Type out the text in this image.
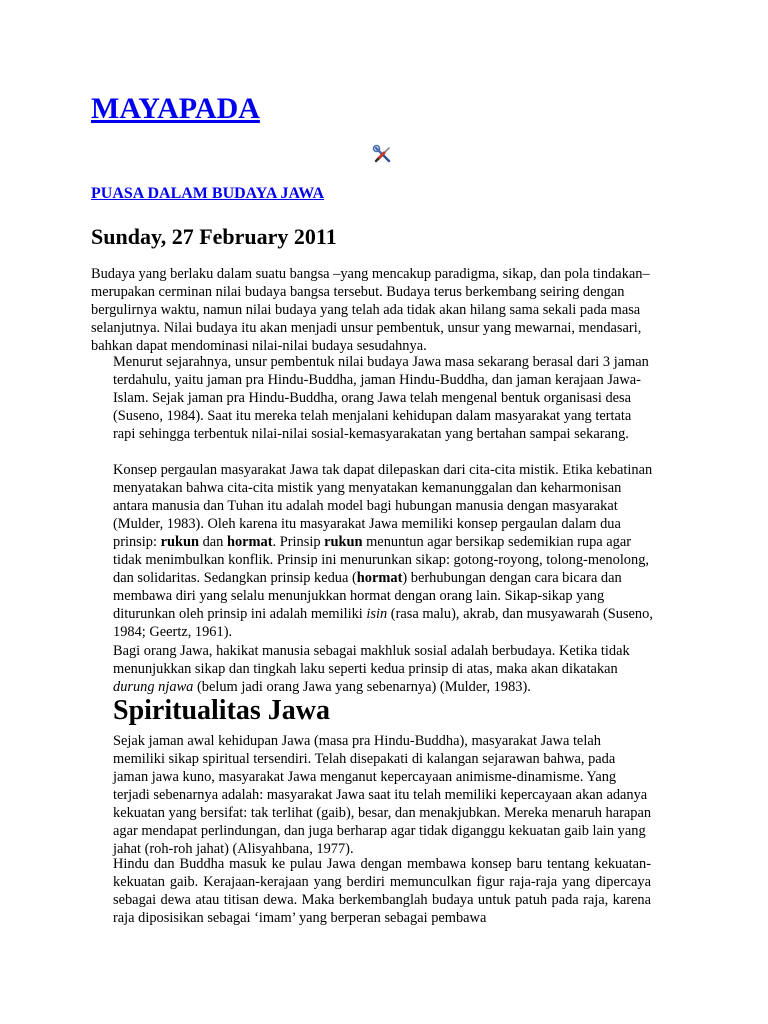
MAYAPADA
PUASA DALAM BUDAYA JAWA
Sunday, 27 February 2011

Budaya yang berlaku dalam suatu bangsa –yang mencakup paradigma, sikap, dan pola tindakan– merupakan cerminan nilai budaya bangsa tersebut. Budaya terus berkembang seiring dengan bergulirnya waktu, namun nilai budaya yang telah ada tidak akan hilang sama sekali pada masa selanjutnya. Nilai budaya itu akan menjadi unsur pembentuk, unsur yang mewarnai, mendasari, bahkan dapat mendominasi nilai-nilai budaya sesudahnya.

Menurut sejarahnya, unsur pembentuk nilai budaya Jawa masa sekarang berasal dari 3 jaman terdahulu, yaitu jaman pra Hindu-Buddha, jaman Hindu-Buddha, dan jaman kerajaan Jawa-Islam. Sejak jaman pra Hindu-Buddha, orang Jawa telah mengenal bentuk organisasi desa (Suseno, 1984). Saat itu mereka telah menjalani kehidupan dalam masyarakat yang tertata rapi sehingga terbentuk nilai-nilai sosial-kemasyarakatan yang bertahan sampai sekarang.

Konsep pergaulan masyarakat Jawa tak dapat dilepaskan dari cita-cita mistik. Etika kebatinan menyatakan bahwa cita-cita mistik yang menyatakan kemanunggalan dan keharmonisan antara manusia dan Tuhan itu adalah model bagi hubungan manusia dengan masyarakat (Mulder, 1983). Oleh karena itu masyarakat Jawa memiliki konsep pergaulan dalam dua prinsip: rukun dan hormat. Prinsip rukun menuntun agar bersikap sedemikian rupa agar tidak menimbulkan konflik. Prinsip ini menurunkan sikap: gotong-royong, tolong-menolong, dan solidaritas. Sedangkan prinsip kedua (hormat) berhubungan dengan cara bicara dan membawa diri yang selalu menunjukkan hormat dengan orang lain. Sikap-sikap yang diturunkan oleh prinsip ini adalah memiliki isin (rasa malu), akrab, dan musyawarah (Suseno, 1984; Geertz, 1961).

Bagi orang Jawa, hakikat manusia sebagai makhluk sosial adalah berbudaya. Ketika tidak menunjukkan sikap dan tingkah laku seperti kedua prinsip di atas, maka akan dikatakan durung njawa (belum jadi orang Jawa yang sebenarnya) (Mulder, 1983).

Spiritualitas Jawa

Sejak jaman awal kehidupan Jawa (masa pra Hindu-Buddha), masyarakat Jawa telah memiliki sikap spiritual tersendiri. Telah disepakati di kalangan sejarawan bahwa, pada jaman jawa kuno, masyarakat Jawa menganut kepercayaan animisme-dinamisme. Yang terjadi sebenarnya adalah: masyarakat Jawa saat itu telah memiliki kepercayaan akan adanya kekuatan yang bersifat: tak terlihat (gaib), besar, dan menakjubkan. Mereka menaruh harapan agar mendapat perlindungan, dan juga berharap agar tidak diganggu kekuatan gaib lain yang jahat (roh-roh jahat) (Alisyahbana, 1977).

Hindu dan Buddha masuk ke pulau Jawa dengan membawa konsep baru tentang kekuatan-kekuatan gaib. Kerajaan-kerajaan yang berdiri memunculkan figur raja-raja yang dipercaya sebagai dewa atau titisan dewa. Maka berkembanglah budaya untuk patuh pada raja, karena raja diposisikan sebagai ‘imam’ yang berperan sebagai pembawa
